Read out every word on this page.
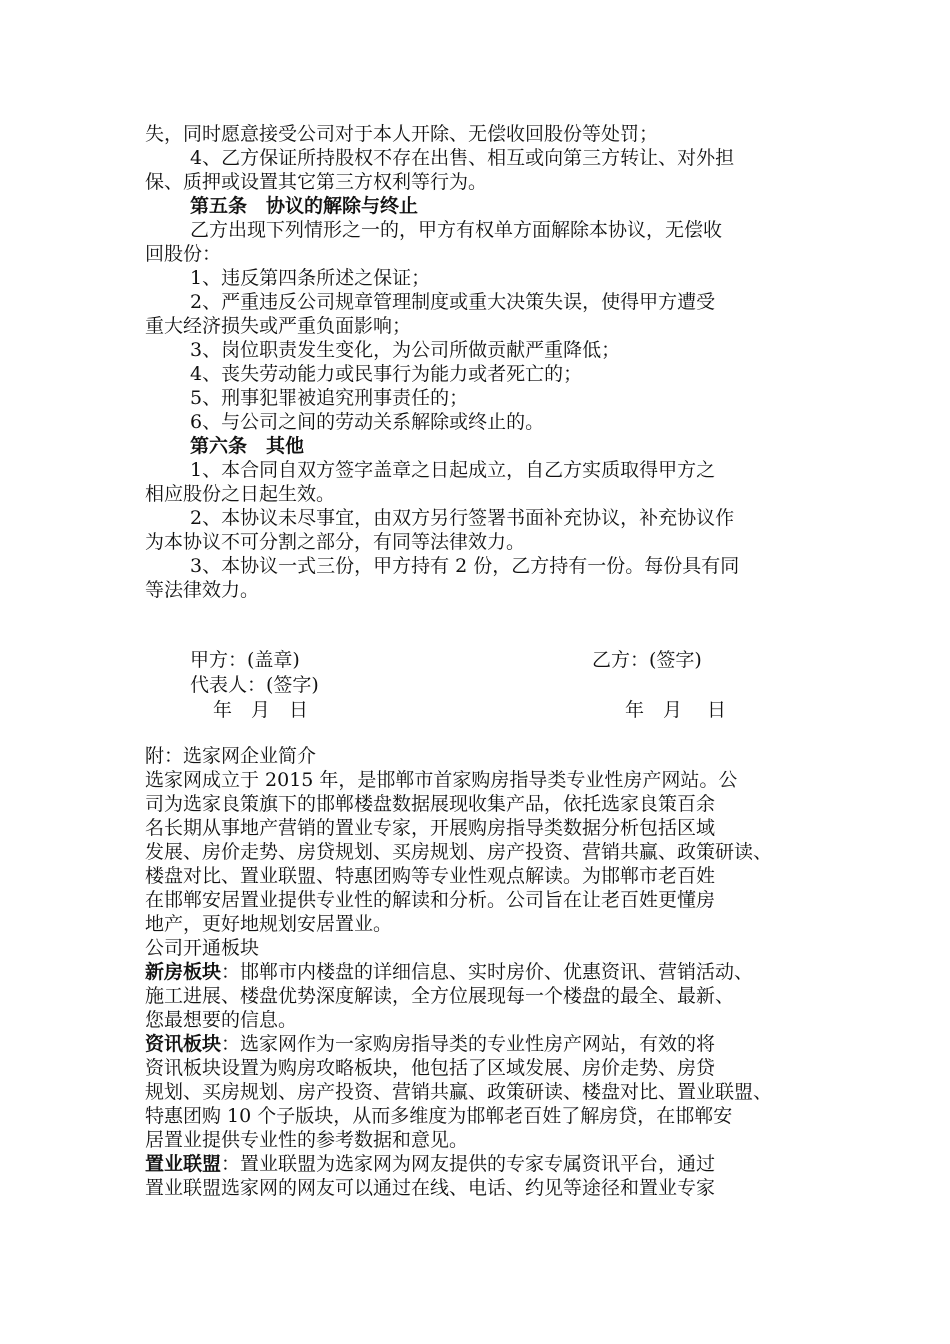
失，同时愿意接受公司对于本人开除、无偿收回股份等处罚；
4、乙方保证所持股权不存在出售、相互或向第三方转让、对外担
保、质押或设置其它第三方权利等行为。
第五条　协议的解除与终止
乙方出现下列情形之一的，甲方有权单方面解除本协议，无偿收
回股份：
1、违反第四条所述之保证；
2、严重违反公司规章管理制度或重大决策失误，使得甲方遭受
重大经济损失或严重负面影响；
3、岗位职责发生变化，为公司所做贡献严重降低；
4、丧失劳动能力或民事行为能力或者死亡的；
5、刑事犯罪被追究刑事责任的；
6、与公司之间的劳动关系解除或终止的。
第六条　其他
1、本合同自双方签字盖章之日起成立，自乙方实质取得甲方之
相应股份之日起生效。
2、本协议未尽事宜，由双方另行签署书面补充协议，补充协议作
为本协议不可分割之部分，有同等法律效力。
3、本协议一式三份，甲方持有 2 份，乙方持有一份。每份具有同
等法律效力。
甲方：(盖章)	乙方：(签字)
代表人：(签字)
年　月　日	年　月　 日
附：选家网企业简介
选家网成立于 2015 年，是邯郸市首家购房指导类专业性房产网站。公
司为选家良策旗下的邯郸楼盘数据展现收集产品，依托选家良策百余
名长期从事地产营销的置业专家，开展购房指导类数据分析包括区域
发展、房价走势、房贷规划、买房规划、房产投资、营销共赢、政策研读、
楼盘对比、置业联盟、特惠团购等专业性观点解读。为邯郸市老百姓
在邯郸安居置业提供专业性的解读和分析。公司旨在让老百姓更懂房
地产，更好地规划安居置业。
公司开通板块
新房板块：邯郸市内楼盘的详细信息、实时房价、优惠资讯、营销活动、
施工进展、楼盘优势深度解读，全方位展现每一个楼盘的最全、最新、
您最想要的信息。
资讯板块：选家网作为一家购房指导类的专业性房产网站，有效的将
资讯板块设置为购房攻略板块，他包括了区域发展、房价走势、房贷
规划、买房规划、房产投资、营销共赢、政策研读、楼盘对比、置业联盟、
特惠团购 10 个子版块，从而多维度为邯郸老百姓了解房贷，在邯郸安
居置业提供专业性的参考数据和意见。
置业联盟：置业联盟为选家网为网友提供的专家专属资讯平台，通过
置业联盟选家网的网友可以通过在线、电话、约见等途径和置业专家
